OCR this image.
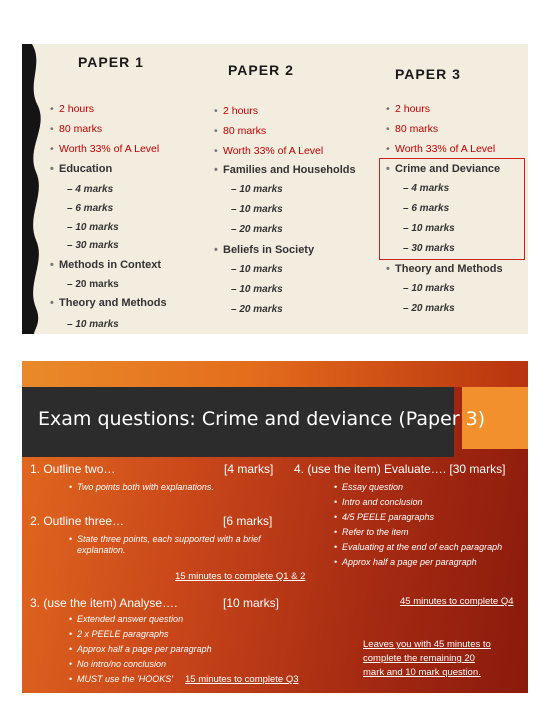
PAPER 1
• 2 hours
• 80 marks
• Worth 33% of A Level
• Education
– 4 marks
– 6 marks
– 10 marks
– 30 marks
• Methods in Context
– 20 marks
• Theory and Methods
– 10 marks
PAPER 2
• 2 hours
• 80 marks
• Worth 33% of A Level
• Families and Households
– 10 marks
– 10 marks
– 20 marks
• Beliefs in Society
– 10 marks
– 10 marks
– 20 marks
PAPER 3
• 2 hours
• 80 marks
• Worth 33% of A Level
• Crime and Deviance
– 4 marks
– 6 marks
– 10 marks
– 30 marks
• Theory and Methods
– 10 marks
– 20 marks
Exam questions: Crime and deviance (Paper 3)
1. Outline two…	[4 marks]
• Two points both with explanations.
2. Outline three…	[6 marks]
• State three points, each supported with a brief
explanation.
15 minutes to complete Q1 & 2
3. (use the item) Analyse….	[10 marks]
• Extended answer question
• 2 x PEELE paragraphs
• Approx half a page per paragraph
• No intro/no conclusion
• MUST use the 'HOOKS' 15 minutes to complete Q3
4. (use the item) Evaluate…. [30 marks]
• Essay question
• Intro and conclusion
• 4/5 PEELE paragraphs
• Refer to the item
• Evaluating at the end of each paragraph
• Approx half a page per paragraph
45 minutes to complete Q4
Leaves you with 45 minutes to
complete the remaining 20
mark and 10 mark question.
